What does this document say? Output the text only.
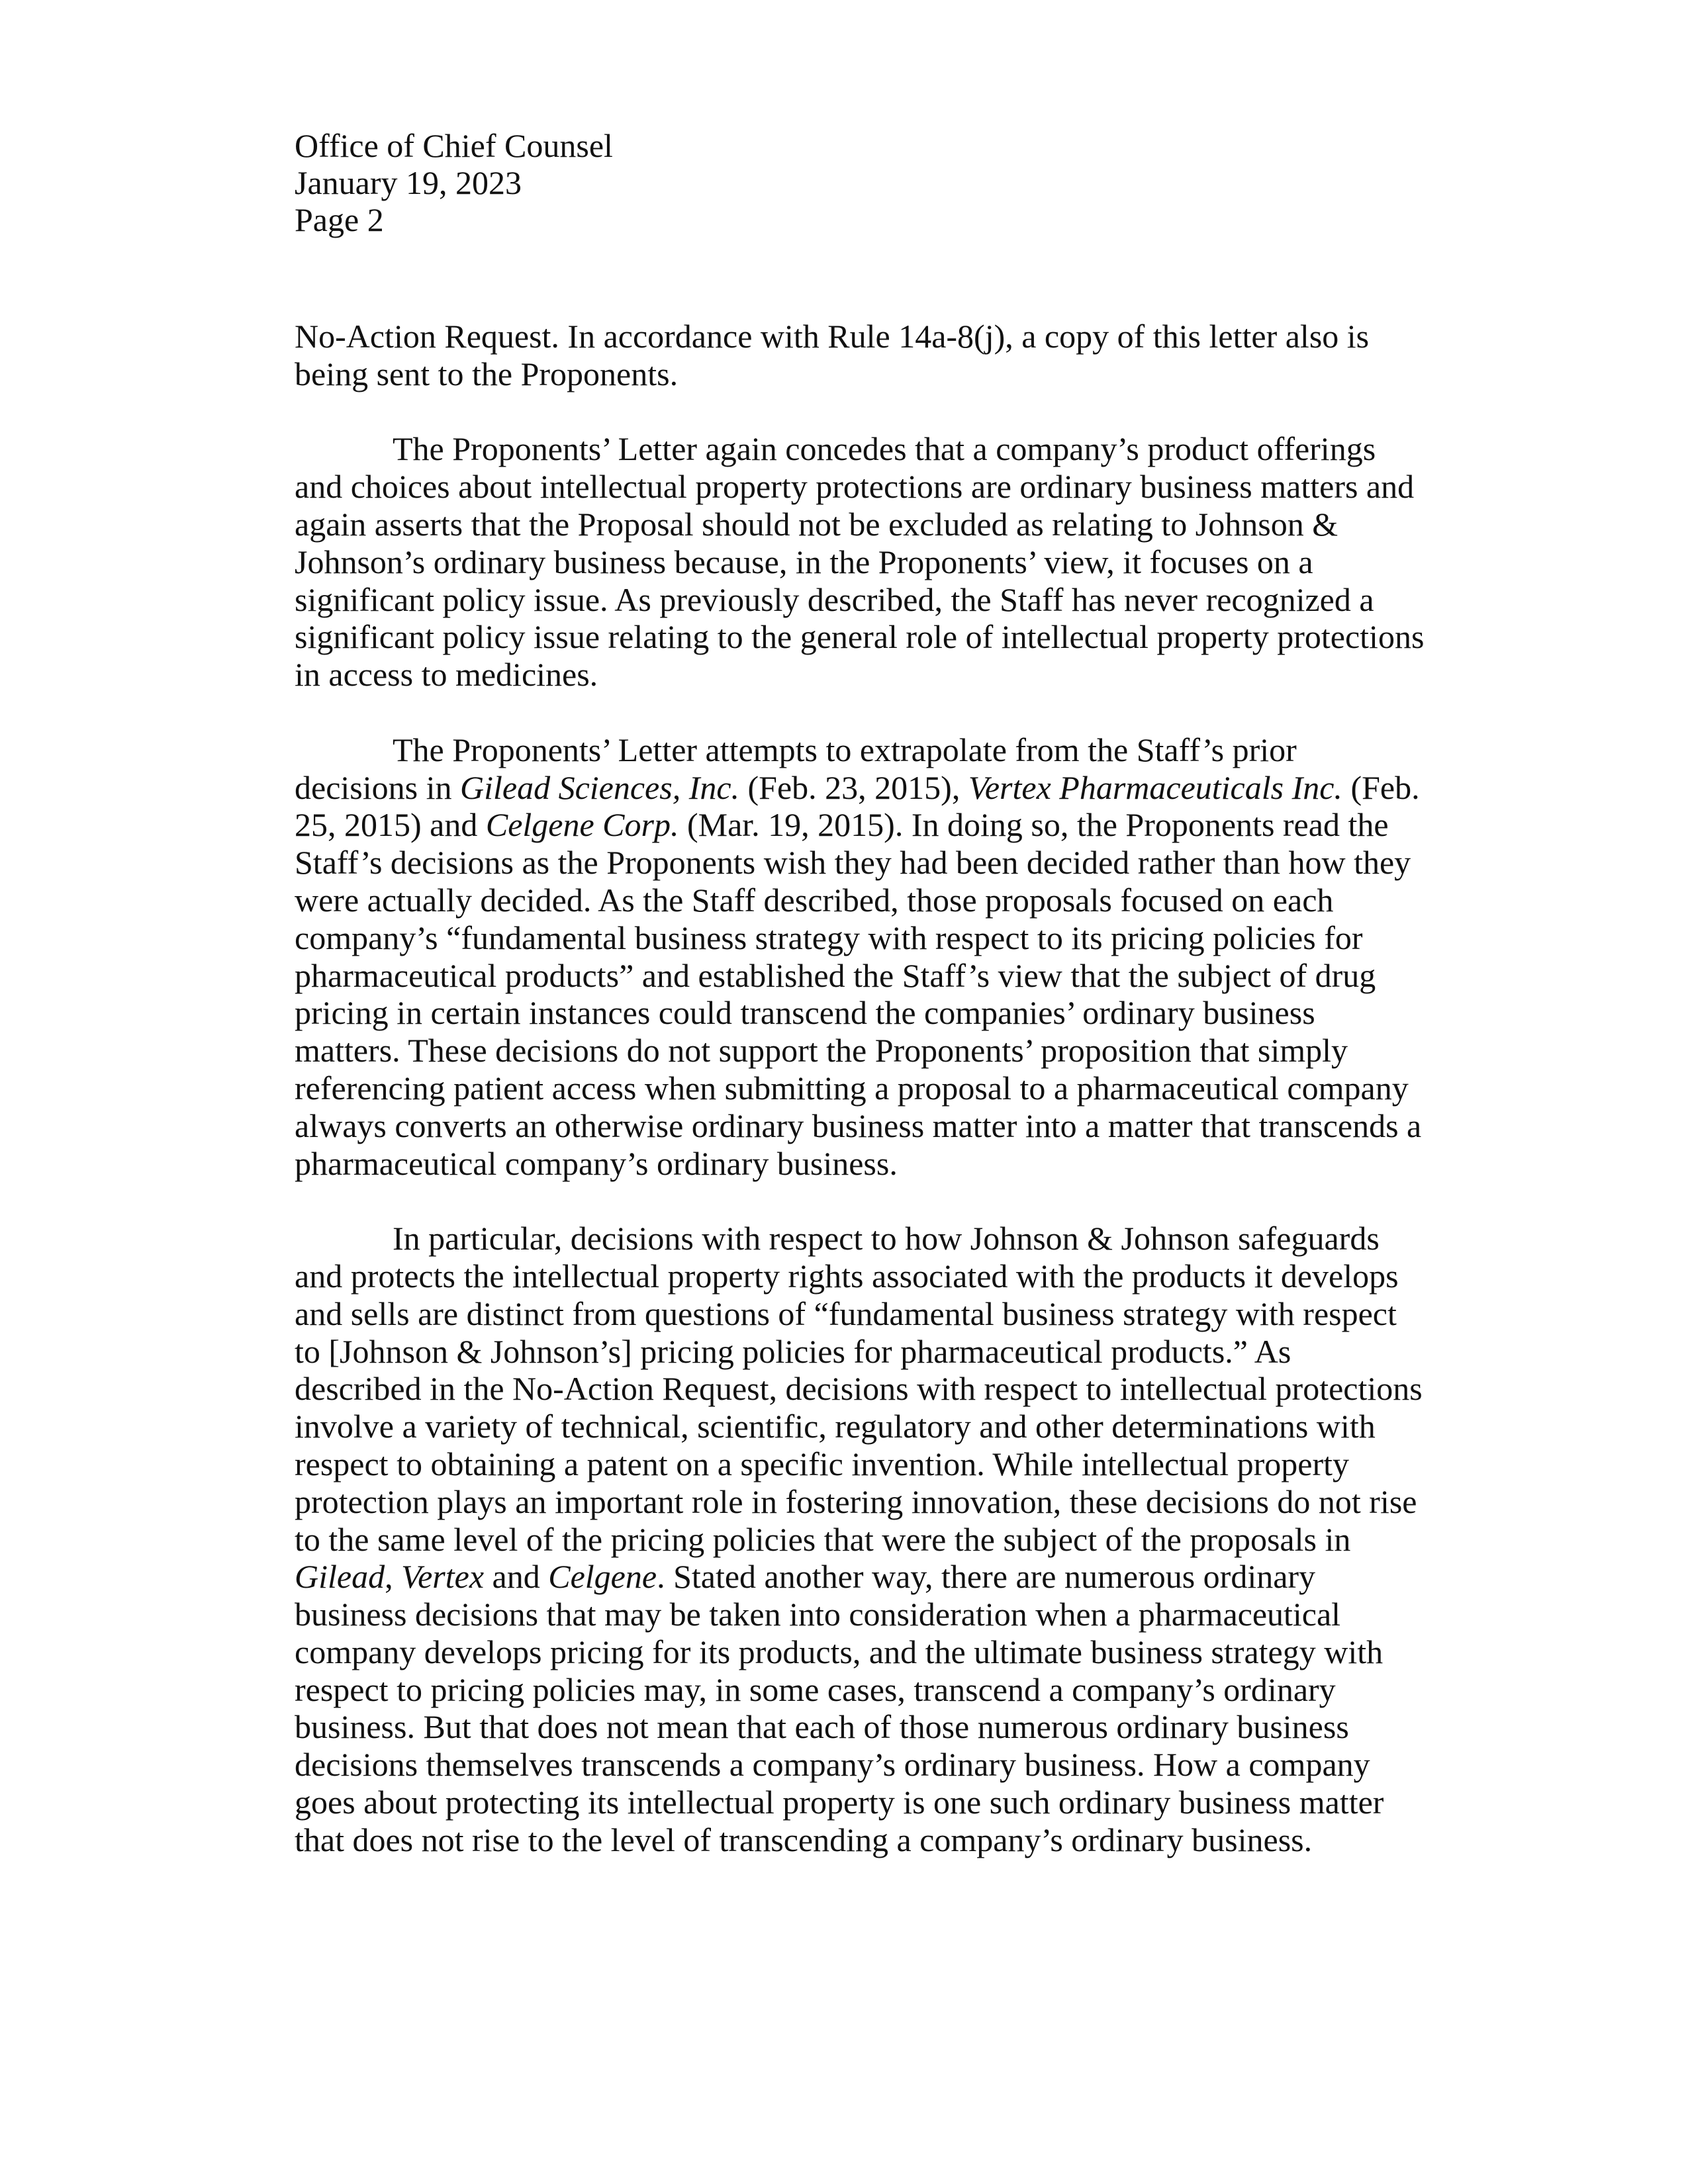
Office of Chief Counsel
January 19, 2023
Page 2
No-Action Request. In accordance with Rule 14a-8(j), a copy of this letter also is
being sent to the Proponents.
The Proponents’ Letter again concedes that a company’s product offerings
and choices about intellectual property protections are ordinary business matters and
again asserts that the Proposal should not be excluded as relating to Johnson &
Johnson’s ordinary business because, in the Proponents’ view, it focuses on a
significant policy issue. As previously described, the Staff has never recognized a
significant policy issue relating to the general role of intellectual property protections
in access to medicines.
The Proponents’ Letter attempts to extrapolate from the Staff’s prior
decisions in Gilead Sciences, Inc. (Feb. 23, 2015), Vertex Pharmaceuticals Inc. (Feb.
25, 2015) and Celgene Corp. (Mar. 19, 2015). In doing so, the Proponents read the
Staff’s decisions as the Proponents wish they had been decided rather than how they
were actually decided. As the Staff described, those proposals focused on each
company’s “fundamental business strategy with respect to its pricing policies for
pharmaceutical products” and established the Staff’s view that the subject of drug
pricing in certain instances could transcend the companies’ ordinary business
matters. These decisions do not support the Proponents’ proposition that simply
referencing patient access when submitting a proposal to a pharmaceutical company
always converts an otherwise ordinary business matter into a matter that transcends a
pharmaceutical company’s ordinary business.
In particular, decisions with respect to how Johnson & Johnson safeguards
and protects the intellectual property rights associated with the products it develops
and sells are distinct from questions of “fundamental business strategy with respect
to [Johnson & Johnson’s] pricing policies for pharmaceutical products.” As
described in the No-Action Request, decisions with respect to intellectual protections
involve a variety of technical, scientific, regulatory and other determinations with
respect to obtaining a patent on a specific invention. While intellectual property
protection plays an important role in fostering innovation, these decisions do not rise
to the same level of the pricing policies that were the subject of the proposals in
Gilead, Vertex and Celgene. Stated another way, there are numerous ordinary
business decisions that may be taken into consideration when a pharmaceutical
company develops pricing for its products, and the ultimate business strategy with
respect to pricing policies may, in some cases, transcend a company’s ordinary
business. But that does not mean that each of those numerous ordinary business
decisions themselves transcends a company’s ordinary business. How a company
goes about protecting its intellectual property is one such ordinary business matter
that does not rise to the level of transcending a company’s ordinary business.
